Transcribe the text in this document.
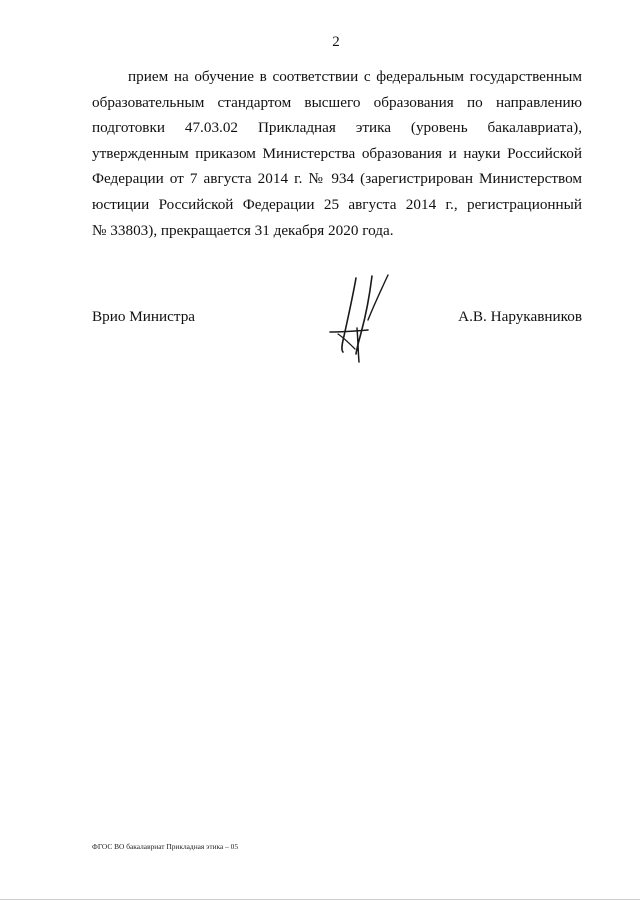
2
прием на обучение в соответствии с федеральным государственным
образовательным стандартом высшего образования по направлению
подготовки 47.03.02 Прикладная этика (уровень бакалавриата),
утвержденным приказом Министерства образования и науки Российской
Федерации от 7 августа 2014 г. № 934 (зарегистрирован Министерством
юстиции Российской Федерации 25 августа 2014 г., регистрационный
№ 33803), прекращается 31 декабря 2020 года.
Врио Министра	А.В. Нарукавников
ФГОС ВО бакалавриат Прикладная этика – 05
